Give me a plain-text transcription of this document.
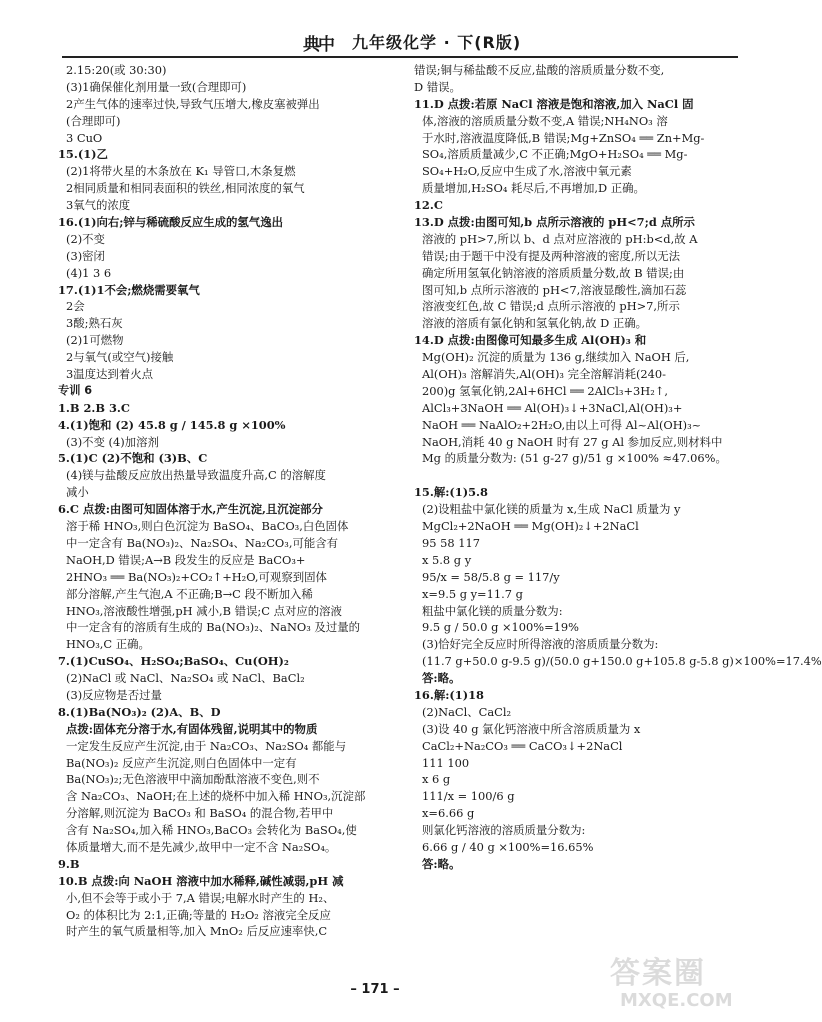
典中	九年级化学 · 下(R版)
2.15:20(或 30:30)
(3)1确保催化剂用量一致(合理即可)
2产生气体的速率过快,导致气压增大,橡皮塞被弹出
(合理即可)
3 CuO
15.(1)乙
(2)1将带火星的木条放在 K₁ 导管口,木条复燃
2相同质量和相同表面积的铁丝,相同浓度的氧气
3氧气的浓度
16.(1)向右;锌与稀硫酸反应生成的氢气逸出
(2)不变
(3)密闭
(4)1 3 6
17.(1)1不会;燃烧需要氧气
2会
3酸;熟石灰
(2)1可燃物
2与氧气(或空气)接触
3温度达到着火点
专训 6
1.B 2.B 3.C
4.(1)饱和 (2) 45.8 g / 145.8 g ×100%
(3)不变 (4)加溶剂
5.(1)C (2)不饱和 (3)B、C
(4)镁与盐酸反应放出热量导致温度升高,C 的溶解度
减小
6.C 点拨:由图可知固体溶于水,产生沉淀,且沉淀部分
溶于稀 HNO₃,则白色沉淀为 BaSO₄、BaCO₃,白色固体
中一定含有 Ba(NO₃)₂、Na₂SO₄、Na₂CO₃,可能含有
NaOH,D 错误;A→B 段发生的反应是 BaCO₃+
2HNO₃ ══ Ba(NO₃)₂+CO₂↑+H₂O,可观察到固体
部分溶解,产生气泡,A 不正确;B→C 段不断加入稀
HNO₃,溶液酸性增强,pH 减小,B 错误;C 点对应的溶液
中一定含有的溶质有生成的 Ba(NO₃)₂、NaNO₃ 及过量的
HNO₃,C 正确。
7.(1)CuSO₄、H₂SO₄;BaSO₄、Cu(OH)₂
(2)NaCl 或 NaCl、Na₂SO₄ 或 NaCl、BaCl₂
(3)反应物是否过量
8.(1)Ba(NO₃)₂ (2)A、B、D
点拨:固体充分溶于水,有固体残留,说明其中的物质
一定发生反应产生沉淀,由于 Na₂CO₃、Na₂SO₄ 都能与
Ba(NO₃)₂ 反应产生沉淀,则白色固体中一定有
Ba(NO₃)₂;无色溶液甲中滴加酚酞溶液不变色,则不
含 Na₂CO₃、NaOH;在上述的烧杯中加入稀 HNO₃,沉淀部
分溶解,则沉淀为 BaCO₃ 和 BaSO₄ 的混合物,若甲中
含有 Na₂SO₄,加入稀 HNO₃,BaCO₃ 会转化为 BaSO₄,使
体质量增大,而不是先减少,故甲中一定不含 Na₂SO₄。
9.B
10.B 点拨:向 NaOH 溶液中加水稀释,碱性减弱,pH 减
小,但不会等于或小于 7,A 错误;电解水时产生的 H₂、
O₂ 的体积比为 2:1,正确;等量的 H₂O₂ 溶液完全反应
时产生的氧气质量相等,加入 MnO₂ 后反应速率快,C
错误;铜与稀盐酸不反应,盐酸的溶质质量分数不变,
D 错误。
11.D 点拨:若原 NaCl 溶液是饱和溶液,加入 NaCl 固
体,溶液的溶质质量分数不变,A 错误;NH₄NO₃ 溶
于水时,溶液温度降低,B 错误;Mg+ZnSO₄ ══ Zn+Mg-
SO₄,溶质质量减少,C 不正确;MgO+H₂SO₄ ══ Mg-
SO₄+H₂O,反应中生成了水,溶液中氧元素
质量增加,H₂SO₄ 耗尽后,不再增加,D 正确。
12.C
13.D 点拨:由图可知,b 点所示溶液的 pH<7;d 点所示
溶液的 pH>7,所以 b、d 点对应溶液的 pH:b<d,故 A
错误;由于题干中没有提及两种溶液的密度,所以无法
确定所用氢氧化钠溶液的溶质质量分数,故 B 错误;由
图可知,b 点所示溶液的 pH<7,溶液显酸性,滴加石蕊
溶液变红色,故 C 错误;d 点所示溶液的 pH>7,所示
溶液的溶质有氯化钠和氢氧化钠,故 D 正确。
14.D 点拨:由图像可知最多生成 Al(OH)₃ 和
Mg(OH)₂ 沉淀的质量为 136 g,继续加入 NaOH 后,
Al(OH)₃ 溶解消失,Al(OH)₃ 完全溶解消耗(240-
200)g 氢氧化钠,2Al+6HCl ══ 2AlCl₃+3H₂↑,
AlCl₃+3NaOH ══ Al(OH)₃↓+3NaCl,Al(OH)₃+
NaOH ══ NaAlO₂+2H₂O,由以上可得 Al~Al(OH)₃~
NaOH,消耗 40 g NaOH 时有 27 g Al 参加反应,则材料中
Mg 的质量分数为: (51 g-27 g)/51 g ×100% ≈47.06%。
15.解:(1)5.8
(2)设粗盐中氯化镁的质量为 x,生成 NaCl 质量为 y
MgCl₂+2NaOH ══ Mg(OH)₂↓+2NaCl
95 58 117
x 5.8 g y
95/x = 58/5.8 g = 117/y
x=9.5 g y=11.7 g
粗盐中氯化镁的质量分数为:
9.5 g / 50.0 g ×100%=19%
(3)恰好完全反应时所得溶液的溶质质量分数为:
(11.7 g+50.0 g-9.5 g)/(50.0 g+150.0 g+105.8 g-5.8 g)×100%=17.4%
答:略。
16.解:(1)18
(2)NaCl、CaCl₂
(3)设 40 g 氯化钙溶液中所含溶质质量为 x
CaCl₂+Na₂CO₃ ══ CaCO₃↓+2NaCl
111 100
x 6 g
111/x = 100/6 g
x=6.66 g
则氯化钙溶液的溶质质量分数为:
6.66 g / 40 g ×100%=16.65%
答:略。
– 171 –	答案圈
MXQE.COM
